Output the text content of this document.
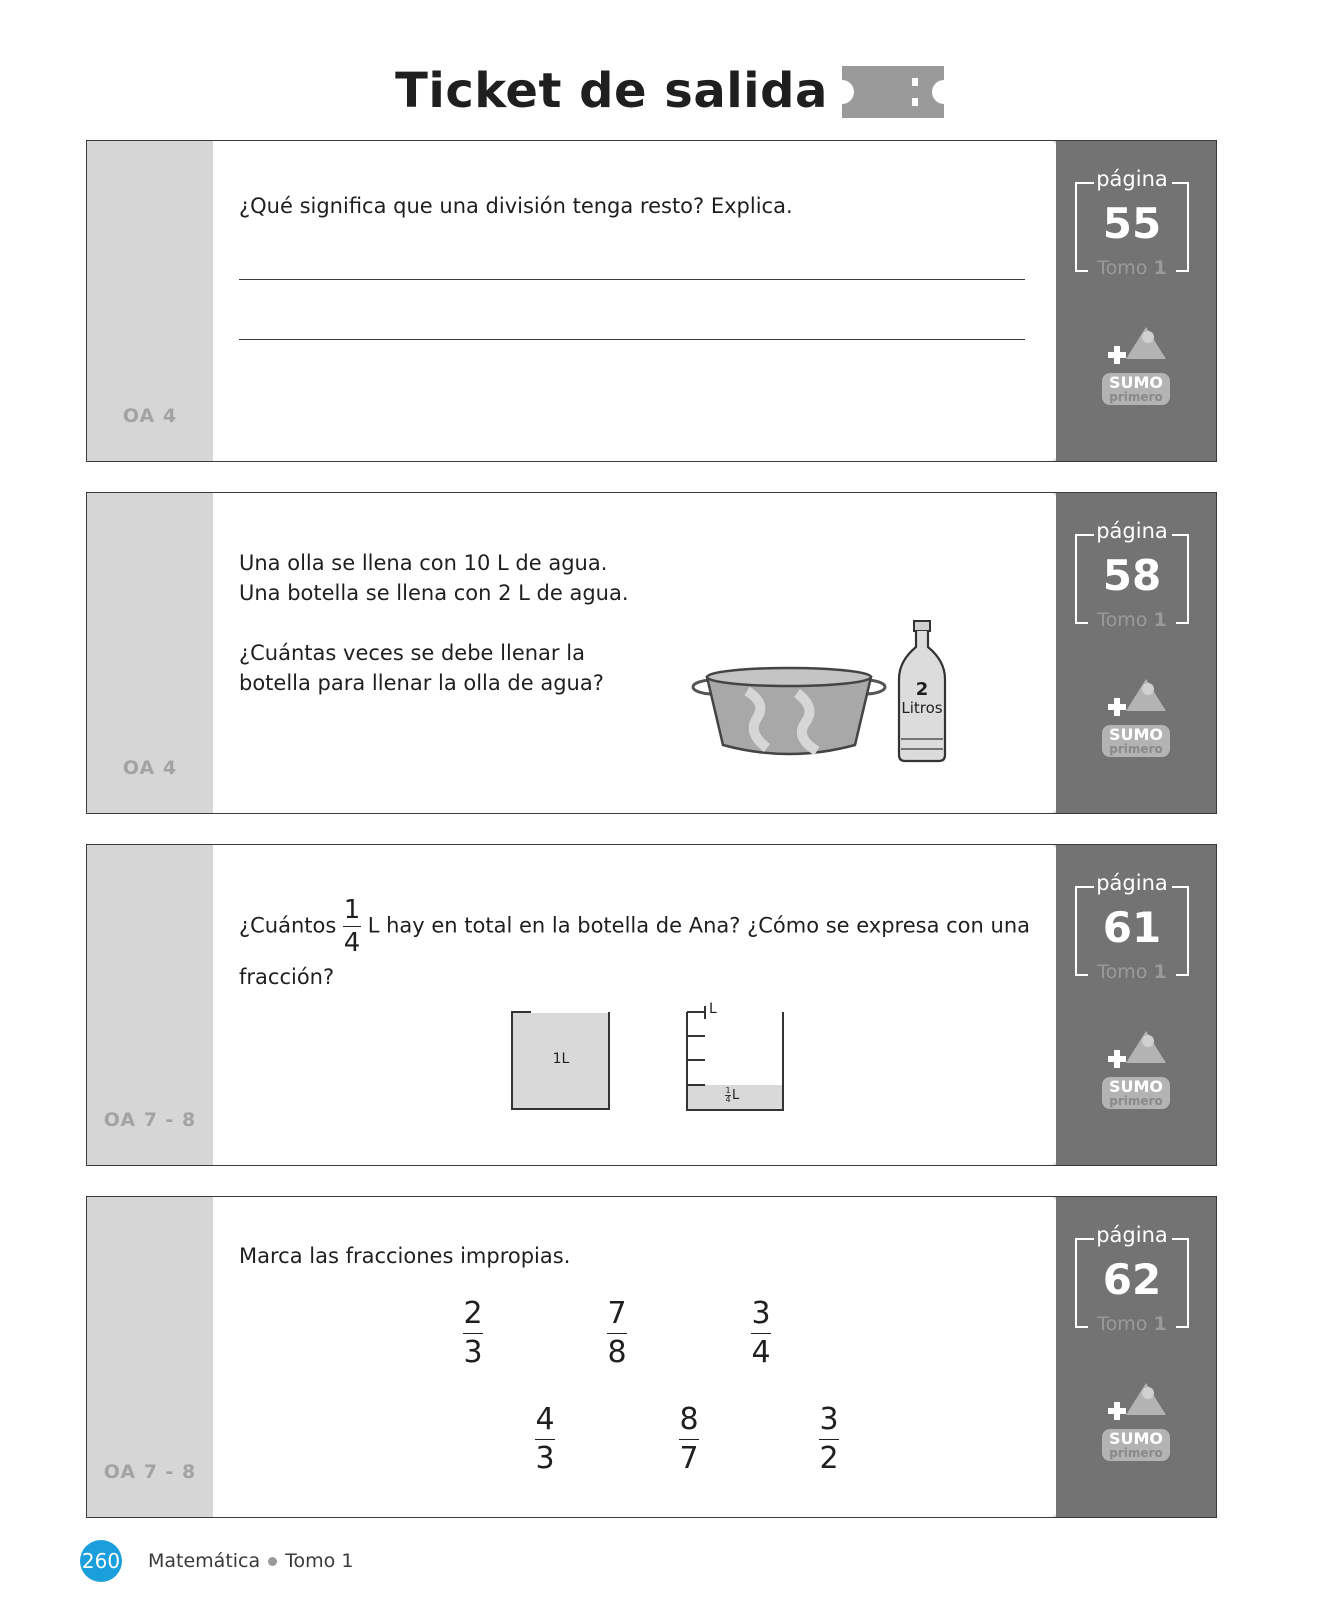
Ticket de salida
OA 4
página
55
Tomo 1
SUMO
primero
¿Qué significa que una división tenga resto? Explica.
OA 4
página
58
Tomo 1
SUMO
primero
Una olla se llena con 10 L de agua.
Una botella se llena con 2 L de agua.
¿Cuántas veces se debe llenar la
botella para llenar la olla de agua?	2
Litros
OA 7 - 8
página
61
Tomo 1
SUMO
primero
¿Cuántos $\frac{1}{4}$ L hay en total en la botella de Ana? ¿Cómo se expresa con una
fracción?
1L
L
1
4 L
OA 7 - 8
página
62
Tomo 1
SUMO
primero
Marca las fracciones impropias.
2
3
7
8
3
4
4
3
8
7
3
2
260 Matemática Tomo 1
